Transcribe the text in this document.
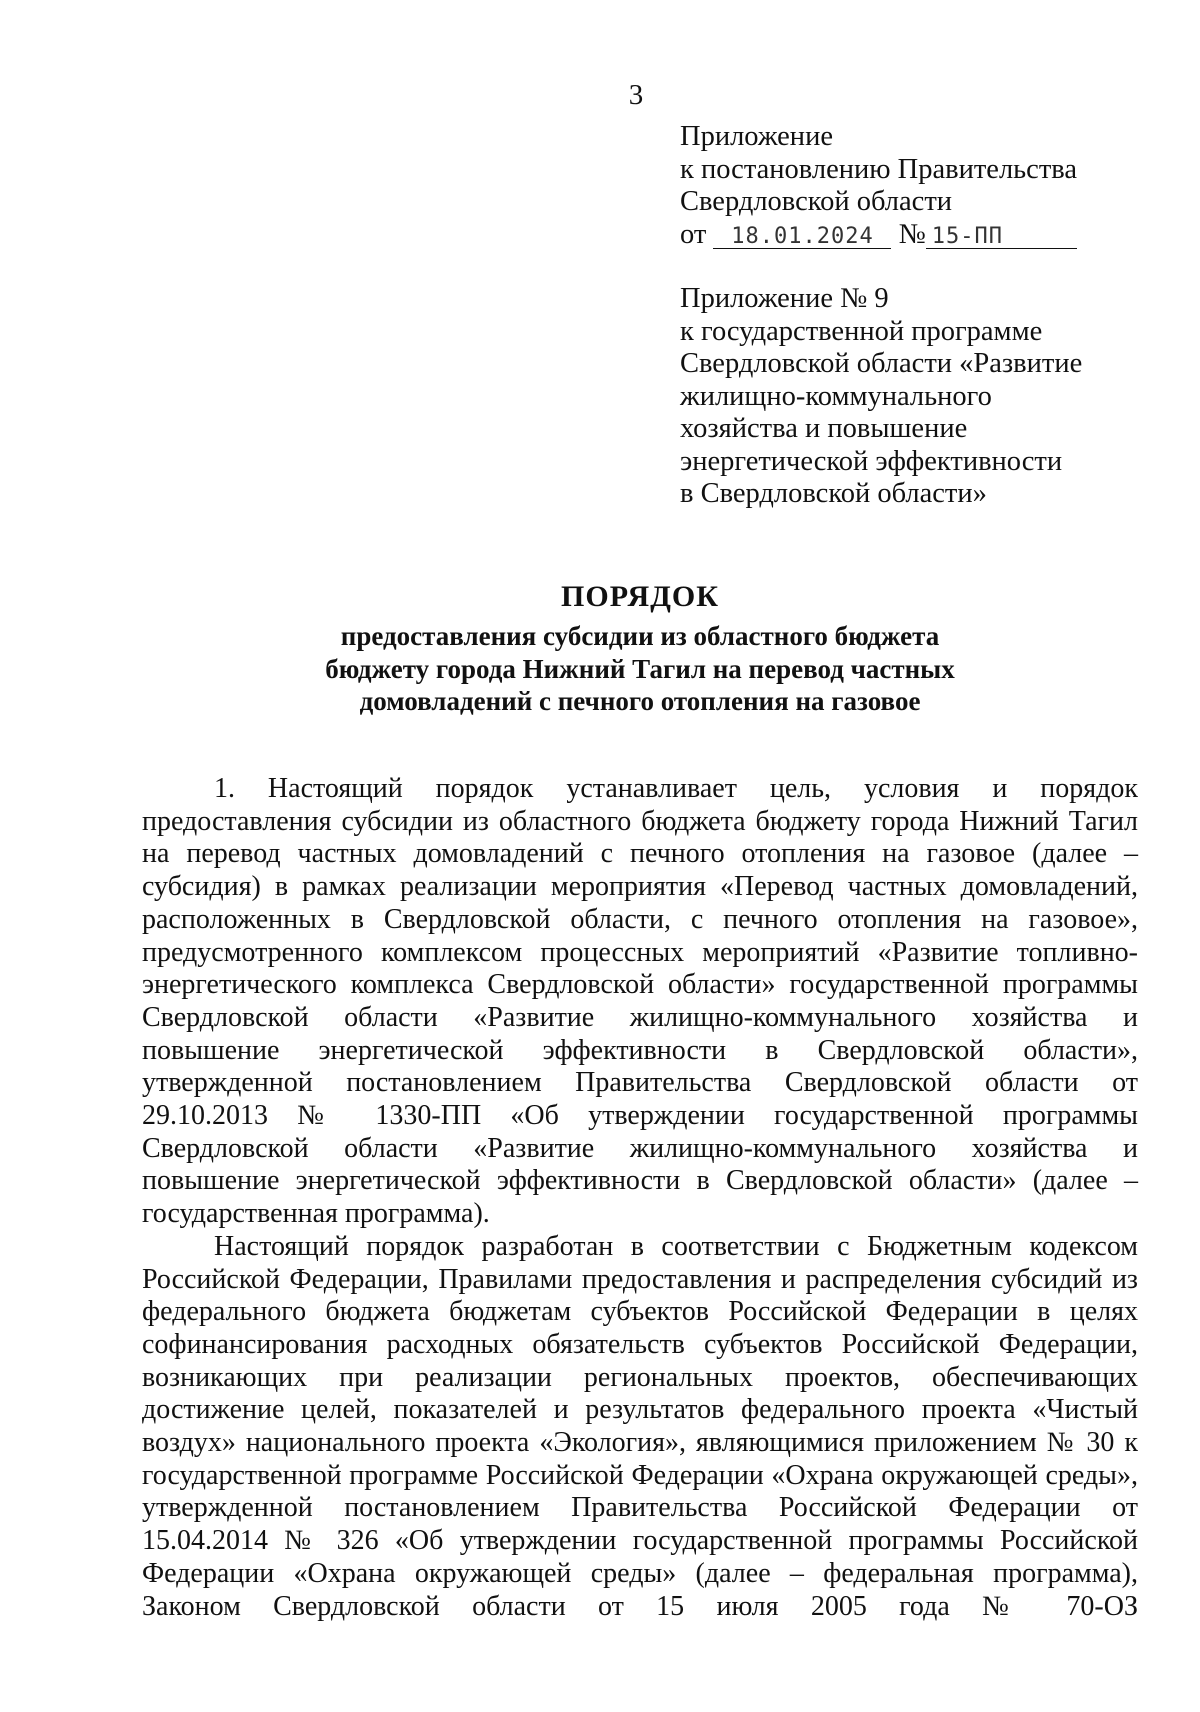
3
Приложение
к постановлению Правительства
Свердловской области
от 18.01.2024 № 15-ПП
Приложение № 9
к государственной программе
Свердловской области «Развитие
жилищно-коммунального
хозяйства и повышение
энергетической эффективности
в Свердловской области»
ПОРЯДОК
предоставления субсидии из областного бюджета
бюджету города Нижний Тагил на перевод частных
домовладений с печного отопления на газовое

1. Настоящий порядок устанавливает цель, условия и порядок предоставления субсидии из областного бюджета бюджету города Нижний Тагил на перевод частных домовладений с печного отопления на газовое (далее – субсидия) в рамках реализации мероприятия «Перевод частных домовладений, расположенных в Свердловской области, с печного отопления на газовое», предусмотренного комплексом процессных мероприятий «Развитие топливно-энергетического комплекса Свердловской области» государственной программы Свердловской области «Развитие жилищно-коммунального хозяйства и повышение энергетической эффективности в Свердловской области», утвержденной постановлением Правительства Свердловской области от 29.10.2013 № 1330-ПП «Об утверждении государственной программы Свердловской области «Развитие жилищно-коммунального хозяйства и повышение энергетической эффективности в Свердловской области» (далее – государственная программа).

Настоящий порядок разработан в соответствии с Бюджетным кодексом Российской Федерации, Правилами предоставления и распределения субсидий из федерального бюджета бюджетам субъектов Российской Федерации в целях софинансирования расходных обязательств субъектов Российской Федерации, возникающих при реализации региональных проектов, обеспечивающих достижение целей, показателей и результатов федерального проекта «Чистый воздух» национального проекта «Экология», являющимися приложением № 30 к государственной программе Российской Федерации «Охрана окружающей среды», утвержденной постановлением Правительства Российской Федерации от 15.04.2014 № 326 «Об утверждении государственной программы Российской Федерации «Охрана окружающей среды» (далее – федеральная программа), Законом Свердловской области от 15 июля 2005 года № 70-ОЗ
